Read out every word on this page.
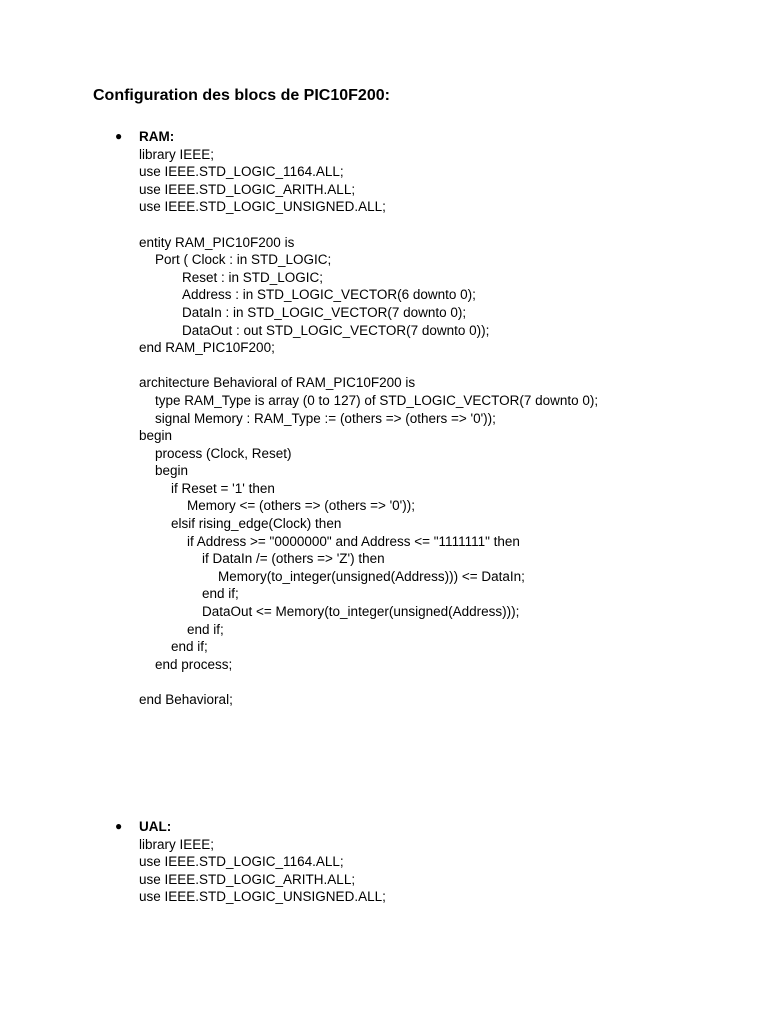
Configuration des blocs de PIC10F200:
● RAM:
library IEEE;
use IEEE.STD_LOGIC_1164.ALL;
use IEEE.STD_LOGIC_ARITH.ALL;
use IEEE.STD_LOGIC_UNSIGNED.ALL;
entity RAM_PIC10F200 is
Port ( Clock : in STD_LOGIC;
Reset : in STD_LOGIC;
Address : in STD_LOGIC_VECTOR(6 downto 0);
DataIn : in STD_LOGIC_VECTOR(7 downto 0);
DataOut : out STD_LOGIC_VECTOR(7 downto 0));
end RAM_PIC10F200;
architecture Behavioral of RAM_PIC10F200 is
type RAM_Type is array (0 to 127) of STD_LOGIC_VECTOR(7 downto 0);
signal Memory : RAM_Type := (others => (others => '0'));
begin
process (Clock, Reset)
begin
if Reset = '1' then
Memory <= (others => (others => '0'));
elsif rising_edge(Clock) then
if Address >= "0000000" and Address <= "1111111" then
if DataIn /= (others => 'Z') then
Memory(to_integer(unsigned(Address))) <= DataIn;
end if;
DataOut <= Memory(to_integer(unsigned(Address)));
end if;
end if;
end process;
end Behavioral;
● UAL:
library IEEE;
use IEEE.STD_LOGIC_1164.ALL;
use IEEE.STD_LOGIC_ARITH.ALL;
use IEEE.STD_LOGIC_UNSIGNED.ALL;
